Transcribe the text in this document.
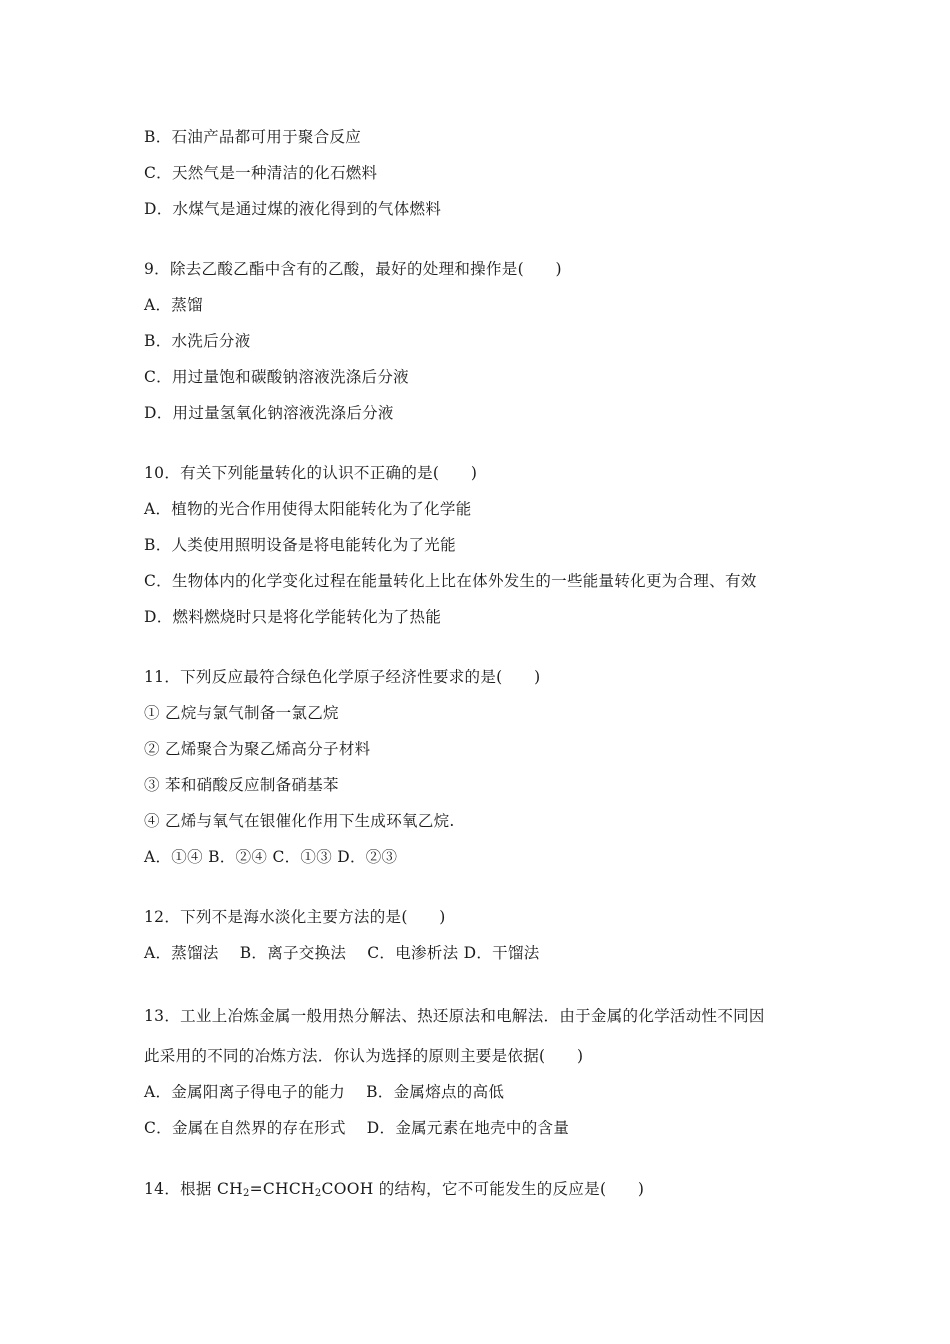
B．石油产品都可用于聚合反应
C．天然气是一种清洁的化石燃料
D．水煤气是通过煤的液化得到的气体燃料
9．除去乙酸乙酯中含有的乙酸，最好的处理和操作是(　　)
A．蒸馏
B．水洗后分液
C．用过量饱和碳酸钠溶液洗涤后分液
D．用过量氢氧化钠溶液洗涤后分液
10．有关下列能量转化的认识不正确的是(　　)
A．植物的光合作用使得太阳能转化为了化学能
B．人类使用照明设备是将电能转化为了光能
C．生物体内的化学变化过程在能量转化上比在体外发生的一些能量转化更为合理、有效
D．燃料燃烧时只是将化学能转化为了热能
11．下列反应最符合绿色化学原子经济性要求的是(　　)
① 乙烷与氯气制备一氯乙烷
② 乙烯聚合为聚乙烯高分子材料
③ 苯和硝酸反应制备硝基苯
④ 乙烯与氧气在银催化作用下生成环氧乙烷.
A．①④ B．②④ C．①③ D．②③
12．下列不是海水淡化主要方法的是(　　)
A．蒸馏法　 B．离子交换法　 C．电渗析法 D．干馏法
13．工业上冶炼金属一般用热分解法、热还原法和电解法．由于金属的化学活动性不同因
此采用的不同的冶炼方法．你认为选择的原则主要是依据(　　)
A．金属阳离子得电子的能力　 B．金属熔点的高低
C．金属在自然界的存在形式　 D．金属元素在地壳中的含量
14．根据 $CH_2=CHCH_2COOH$ 的结构，它不可能发生的反应是(　　)
